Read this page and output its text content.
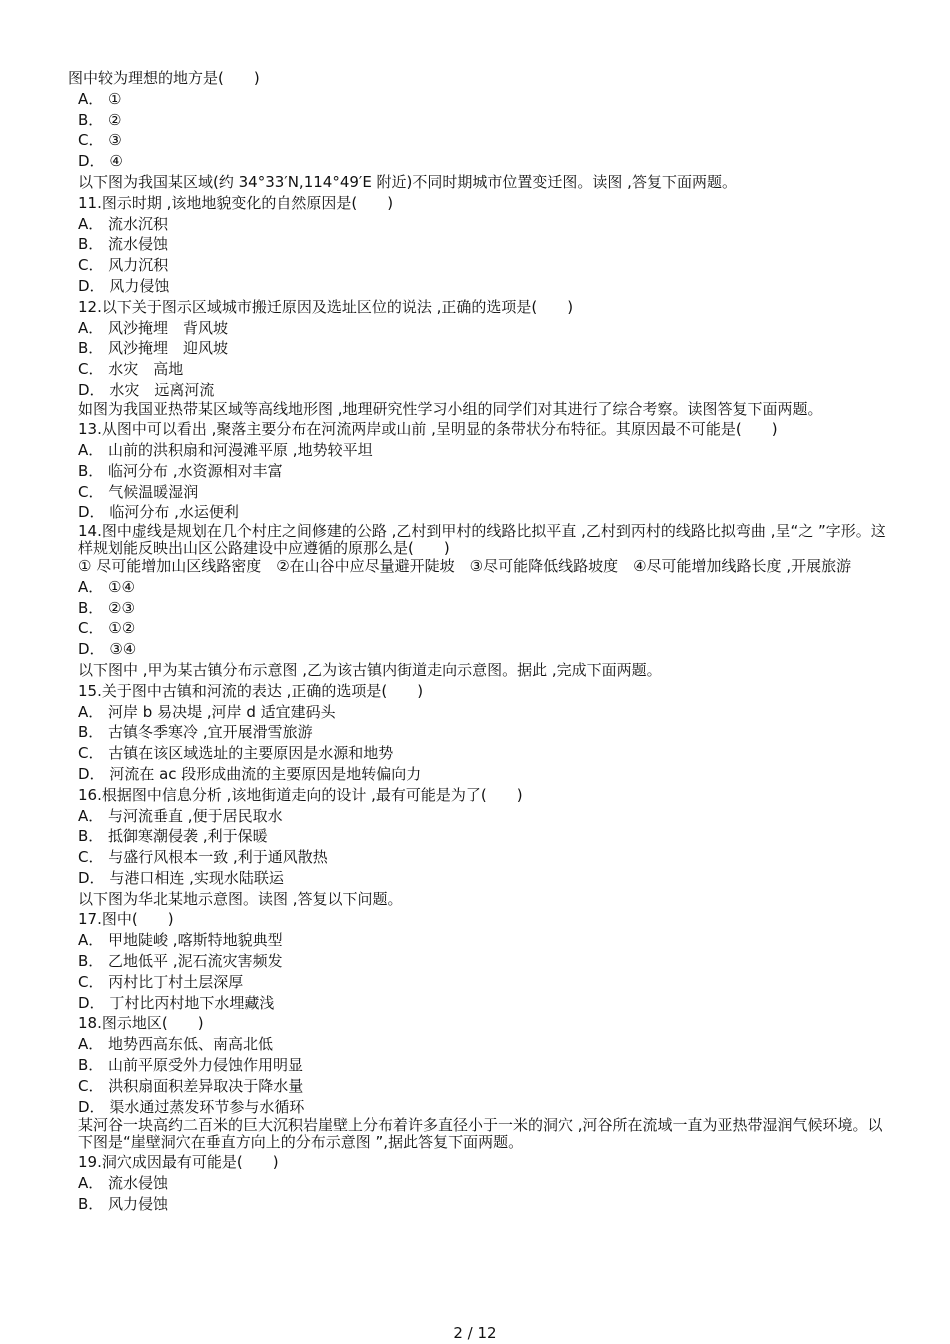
图中较为理想的地方是(　　)
A． ①
B． ②
C． ③
D． ④
以下图为我国某区域(约 34°33′N,114°49′E 附近)不同时期城市位置变迁图。读图 ,答复下面两题。
11.图示时期 ,该地地貌变化的自然原因是(　　)
A． 流水沉积
B． 流水侵蚀
C． 风力沉积
D． 风力侵蚀
12.以下关于图示区域城市搬迁原因及选址区位的说法 ,正确的选项是(　　)
A． 风沙掩埋　背风坡
B． 风沙掩埋　迎风坡
C． 水灾　高地
D． 水灾　远离河流
如图为我国亚热带某区域等高线地形图 ,地理研究性学习小组的同学们对其进行了综合考察。读图答复下面两题。
13.从图中可以看出 ,聚落主要分布在河流两岸或山前 ,呈明显的条带状分布特征。其原因最不可能是(　　)
A． 山前的洪积扇和河漫滩平原 ,地势较平坦
B． 临河分布 ,水资源相对丰富
C． 气候温暖湿润
D． 临河分布 ,水运便利
14.图中虚线是规划在几个村庄之间修建的公路 ,乙村到甲村的线路比拟平直 ,乙村到丙村的线路比拟弯曲 ,呈“之 ”字形。这样规划能反映出山区公路建设中应遵循的原那么是(　　)
① 尽可能增加山区线路密度　②在山谷中应尽量避开陡坡　③尽可能降低线路坡度　④尽可能增加线路长度 ,开展旅游
A． ①④
B． ②③
C． ①②
D． ③④
以下图中 ,甲为某古镇分布示意图 ,乙为该古镇内街道走向示意图。据此 ,完成下面两题。
15.关于图中古镇和河流的表达 ,正确的选项是(　　)
A． 河岸 b 易决堤 ,河岸 d 适宜建码头
B． 古镇冬季寒冷 ,宜开展滑雪旅游
C． 古镇在该区域选址的主要原因是水源和地势
D． 河流在 ac 段形成曲流的主要原因是地转偏向力
16.根据图中信息分析 ,该地街道走向的设计 ,最有可能是为了(　　)
A． 与河流垂直 ,便于居民取水
B． 抵御寒潮侵袭 ,利于保暖
C． 与盛行风根本一致 ,利于通风散热
D． 与港口相连 ,实现水陆联运
以下图为华北某地示意图。读图 ,答复以下问题。
17.图中(　　)
A． 甲地陡峻 ,喀斯特地貌典型
B． 乙地低平 ,泥石流灾害频发
C． 丙村比丁村土层深厚
D． 丁村比丙村地下水埋藏浅
18.图示地区(　　)
A． 地势西高东低、南高北低
B． 山前平原受外力侵蚀作用明显
C． 洪积扇面积差异取决于降水量
D． 渠水通过蒸发环节参与水循环
某河谷一块高约二百米的巨大沉积岩崖壁上分布着许多直径小于一米的洞穴 ,河谷所在流域一直为亚热带湿润气候环境。以下图是“崖壁洞穴在垂直方向上的分布示意图 ”,据此答复下面两题。
19.洞穴成因最有可能是(　　)
A． 流水侵蚀
B． 风力侵蚀
2 / 12
